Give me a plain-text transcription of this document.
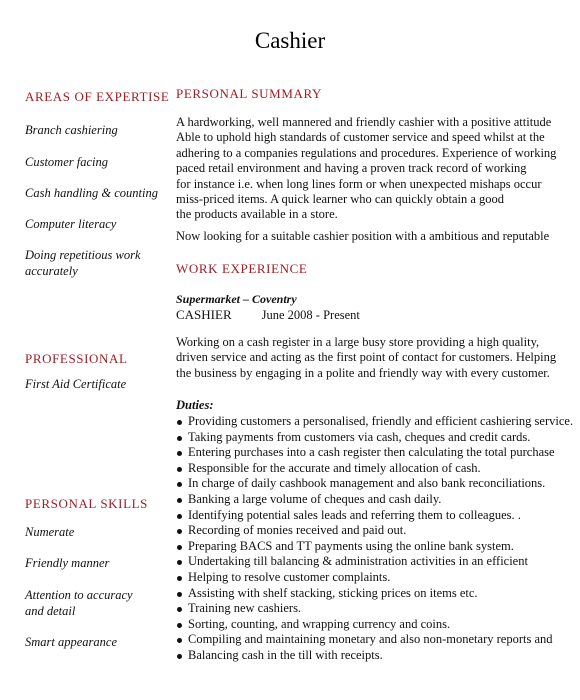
Cashier
AREAS OF EXPERTISE
Branch cashiering
Customer facing
Cash handling & counting
Computer literacy
Doing repetitious work accurately
PROFESSIONAL
First Aid Certificate
PERSONAL SKILLS
Numerate
Friendly manner
Attention to accuracy and detail
Smart appearance
PERSONAL SUMMARY
A hardworking, well mannered and friendly cashier with a positive attitude
Able to uphold high standards of customer service and speed whilst at the
adhering to a companies regulations and procedures. Experience of working
paced retail environment and having a proven track record of working
for instance i.e. when long lines form or when unexpected mishaps occur
miss-priced items. A quick learner who can quickly obtain a good
the products available in a store.
Now looking for a suitable cashier position with a ambitious and reputable
WORK EXPERIENCE
Supermarket – Coventry
CASHIER June 2008 - Present
Working on a cash register in a large busy store providing a high quality,
driven service and acting as the first point of contact for customers. Helping
the business by engaging in a polite and friendly way with every customer.
Duties:
Providing customers a personalised, friendly and efficient cashiering service.
Taking payments from customers via cash, cheques and credit cards.
Entering purchases into a cash register then calculating the total purchase
Responsible for the accurate and timely allocation of cash.
In charge of daily cashbook management and also bank reconciliations.
Banking a large volume of cheques and cash daily.
Identifying potential sales leads and referring them to colleagues. .
Recording of monies received and paid out.
Preparing BACS and TT payments using the online bank system.
Undertaking till balancing & administration activities in an efficient
Helping to resolve customer complaints.
Assisting with shelf stacking, sticking prices on items etc.
Training new cashiers.
Sorting, counting, and wrapping currency and coins.
Compiling and maintaining monetary and also non-monetary reports and
Balancing cash in the till with receipts.
